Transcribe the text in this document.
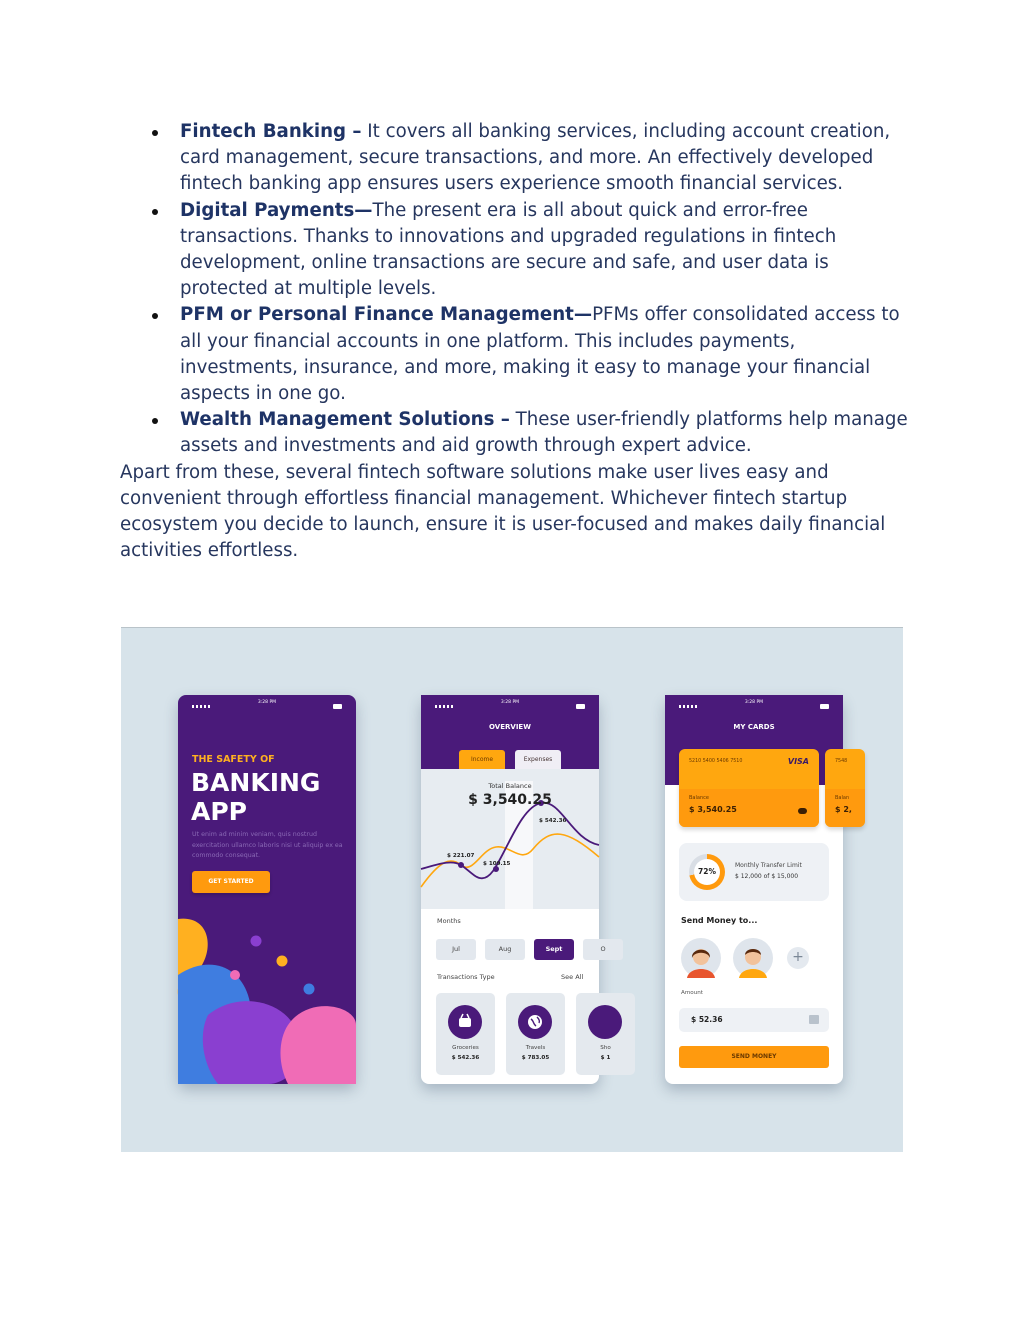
Fintech Banking – It covers all banking services, including account creation, card management, secure transactions, and more. An effectively developed fintech banking app ensures users experience smooth financial services.
Digital Payments—The present era is all about quick and error-free transactions. Thanks to innovations and upgraded regulations in fintech development, online transactions are secure and safe, and user data is protected at multiple levels.
PFM or Personal Finance Management—PFMs offer consolidated access to all your financial accounts in one platform. This includes payments, investments, insurance, and more, making it easy to manage your financial aspects in one go.
Wealth Management Solutions – These user-friendly platforms help manage assets and investments and aid growth through expert advice.

Apart from these, several fintech software solutions make user lives easy and convenient through effortless financial management. Whichever fintech startup ecosystem you decide to launch, ensure it is user-focused and makes daily financial activities effortless.

3:28 PM
THE SAFETY OF
BANKING
APP
Ut enim ad minim veniam, quis nostrud exercitation ullamco laboris nisi ut aliquip ex ea commodo consequat.
GET STARTED
3:28 PM
OVERVIEW
Income	Expenses
Total Balance
$ 3,540.25
$ 221.07
$ 109.15
$ 542.36
Months
Jul	Aug	Sept	O
Transactions Type	See All
Groceries
$ 542.36
Travels
$ 783.05
Sho
$ 1
3:28 PM
MY CARDS
5210 5400 5406 7510	VISA
Balance
$ 3,540.25
7548
Balan
$ 2,
72%
Monthly Transfer Limit
$ 12,000 of $ 15,000
Send Money to...
+
Amount
$ 52.36
SEND MONEY
